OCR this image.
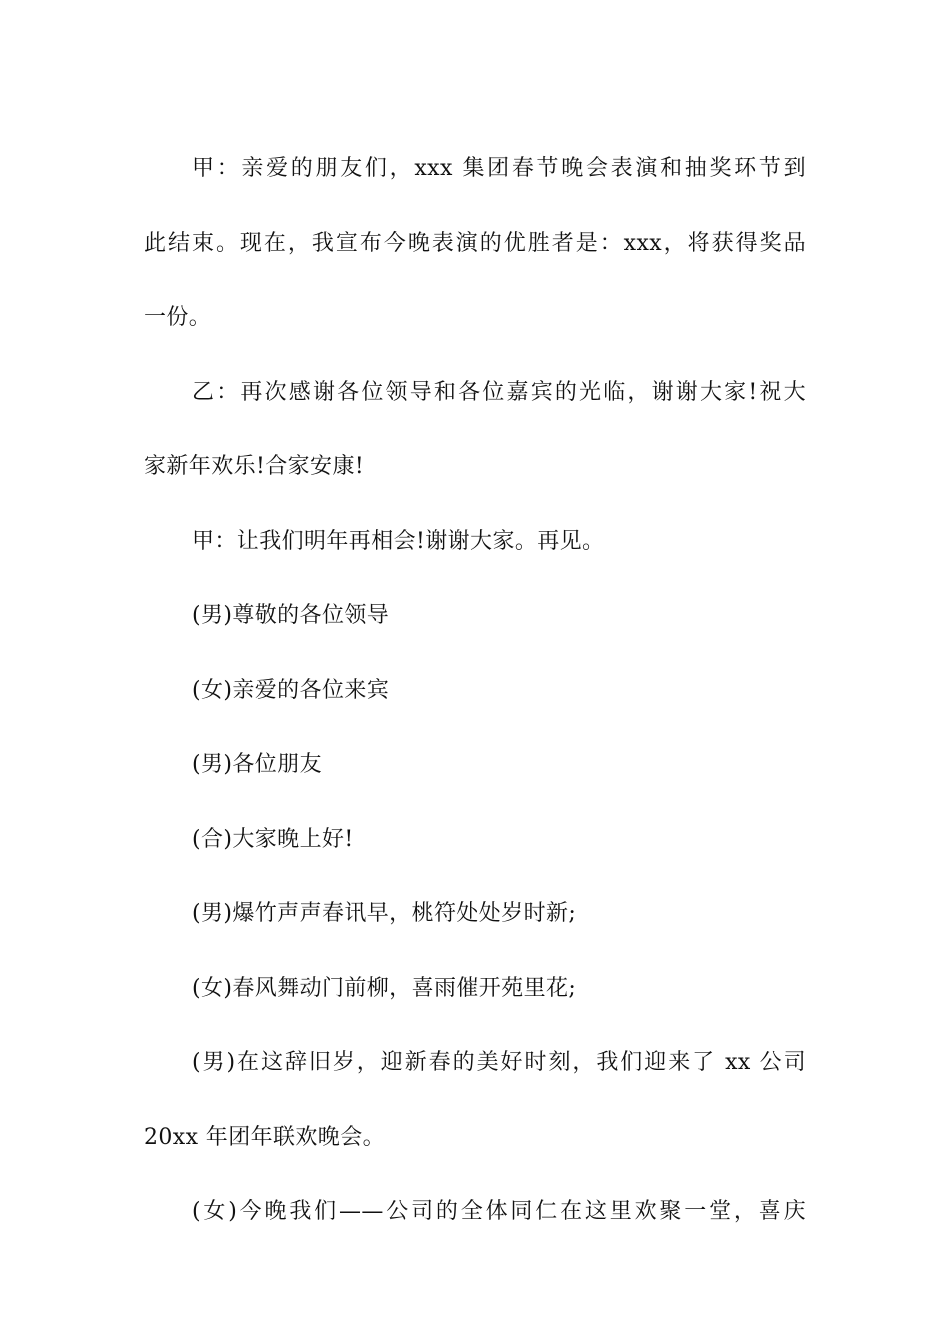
甲：亲爱的朋友们，xxx 集团春节晚会表演和抽奖环节到
此结束。现在，我宣布今晚表演的优胜者是：xxx，将获得奖品
一份。
乙：再次感谢各位领导和各位嘉宾的光临，谢谢大家!祝大
家新年欢乐!合家安康!
甲：让我们明年再相会!谢谢大家。再见。
(男)尊敬的各位领导
(女)亲爱的各位来宾
(男)各位朋友
(合)大家晚上好!
(男)爆竹声声春讯早，桃符处处岁时新;
(女)春风舞动门前柳，喜雨催开苑里花;
(男)在这辞旧岁，迎新春的美好时刻，我们迎来了 xx 公司
20xx 年团年联欢晚会。
(女)今晚我们——公司的全体同仁在这里欢聚一堂，喜庆
